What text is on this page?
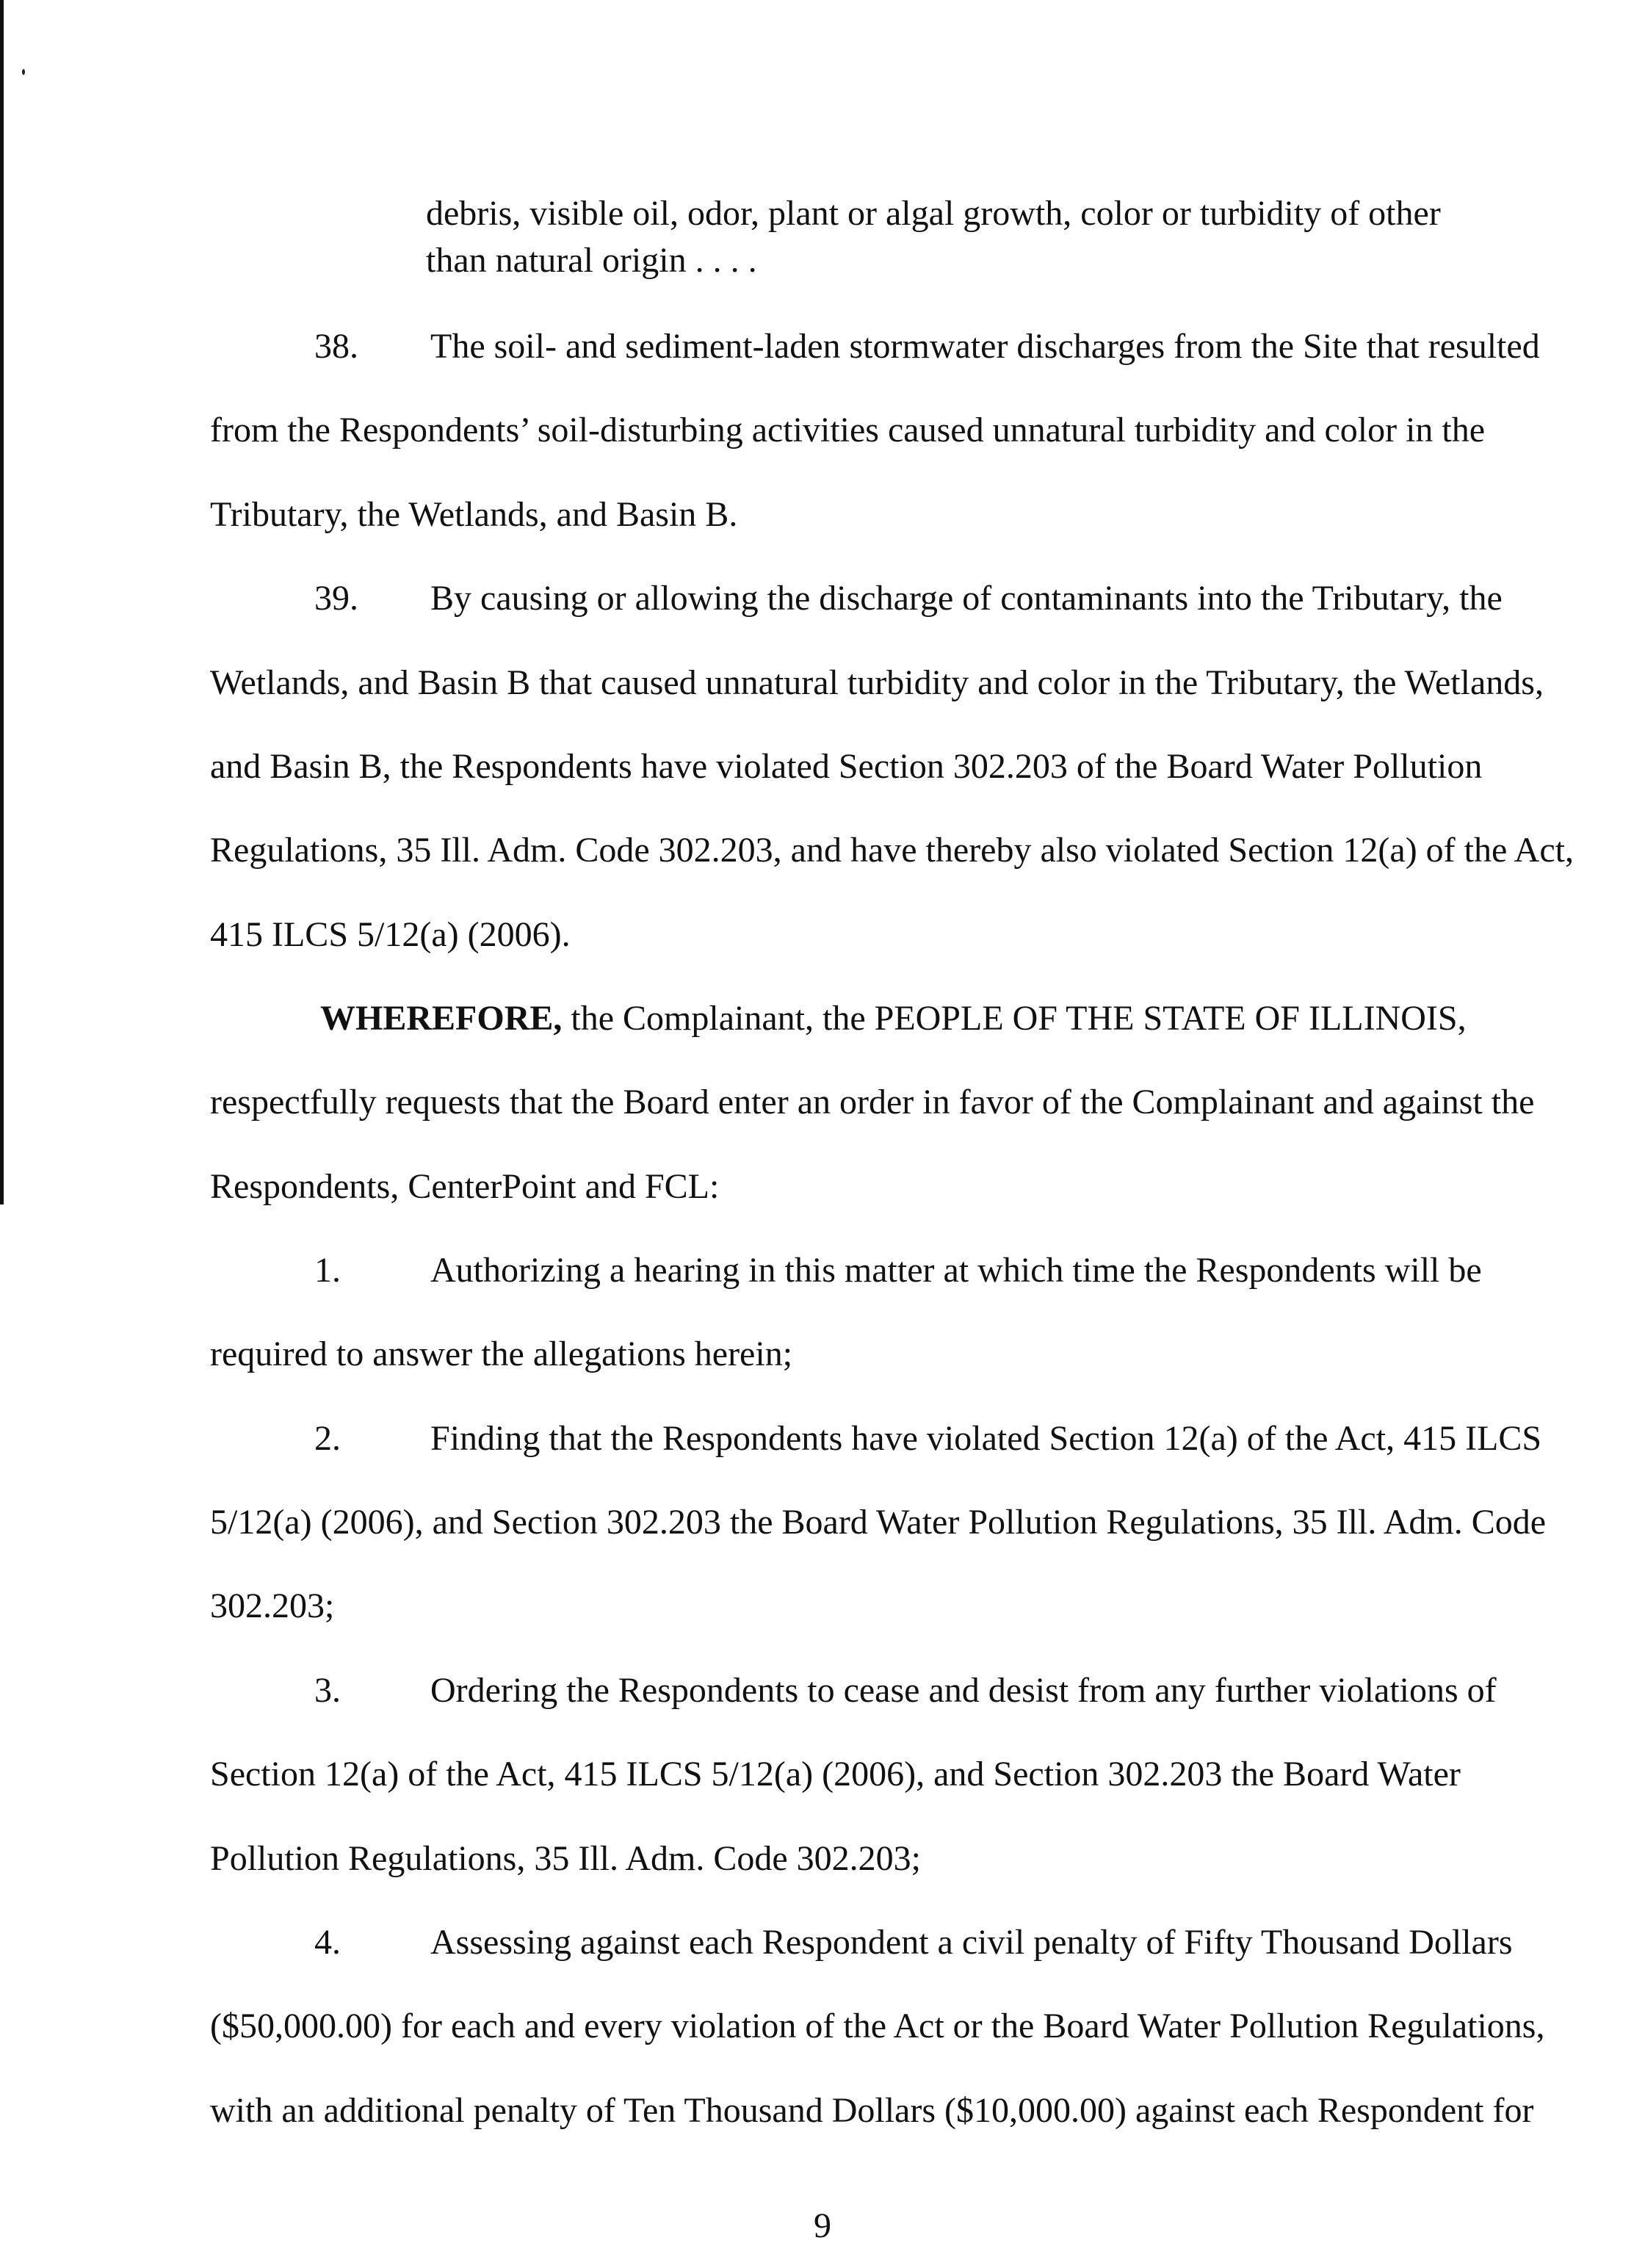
debris, visible oil, odor, plant or algal growth, color or turbidity of other
than natural origin . . . .
38. The soil- and sediment-laden stormwater discharges from the Site that resulted
from the Respondents’ soil-disturbing activities caused unnatural turbidity and color in the
Tributary, the Wetlands, and Basin B.
39. By causing or allowing the discharge of contaminants into the Tributary, the
Wetlands, and Basin B that caused unnatural turbidity and color in the Tributary, the Wetlands,
and Basin B, the Respondents have violated Section 302.203 of the Board Water Pollution
Regulations, 35 Ill. Adm. Code 302.203, and have thereby also violated Section 12(a) of the Act,
415 ILCS 5/12(a) (2006).
WHEREFORE, the Complainant, the PEOPLE OF THE STATE OF ILLINOIS,
respectfully requests that the Board enter an order in favor of the Complainant and against the
Respondents, CenterPoint and FCL:
1.	Authorizing a hearing in this matter at which time the Respondents will be
required to answer the allegations herein;
2.	Finding that the Respondents have violated Section 12(a) of the Act, 415 ILCS
5/12(a) (2006), and Section 302.203 the Board Water Pollution Regulations, 35 Ill. Adm. Code
302.203;
3.	Ordering the Respondents to cease and desist from any further violations of
Section 12(a) of the Act, 415 ILCS 5/12(a) (2006), and Section 302.203 the Board Water
Pollution Regulations, 35 Ill. Adm. Code 302.203;
4.	Assessing against each Respondent a civil penalty of Fifty Thousand Dollars
($50,000.00) for each and every violation of the Act or the Board Water Pollution Regulations,
with an additional penalty of Ten Thousand Dollars ($10,000.00) against each Respondent for
9
